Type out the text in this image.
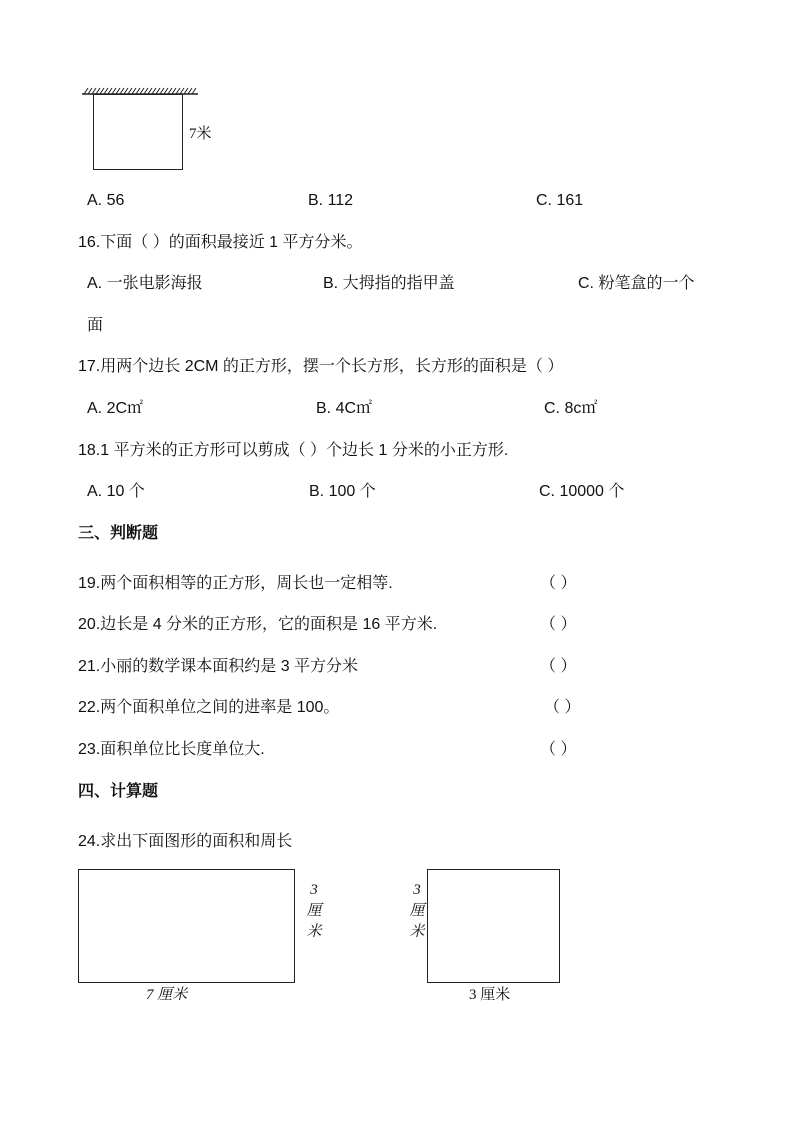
7米
A. 56	B. 112	C. 161
16.下面（ ）的面积最接近 1 平方分米。
A. 一张电影海报	B. 大拇指的指甲盖	C. 粉笔盒的一个
面
17.用两个边长 2CM 的正方形，摆一个长方形，长方形的面积是（ ）
A. 2C㎡	B. 4C㎡	C. 8c㎡
18.1 平方米的正方形可以剪成（ ）个边长 1 分米的小正方形.
A. 10 个	B. 100 个	C. 10000 个
三、判断题
19.两个面积相等的正方形，周长也一定相等.	（ ）
20.边长是 4 分米的正方形，它的面积是 16 平方米.	（ ）
21.小丽的数学课本面积约是 3 平方分米	（ ）
22.两个面积单位之间的进率是 100。	（ ）
23.面积单位比长度单位大.	（ ）
四、计算题
24.求出下面图形的面积和周长
3
厘
米
7 厘米
3
厘
米
3 厘米
